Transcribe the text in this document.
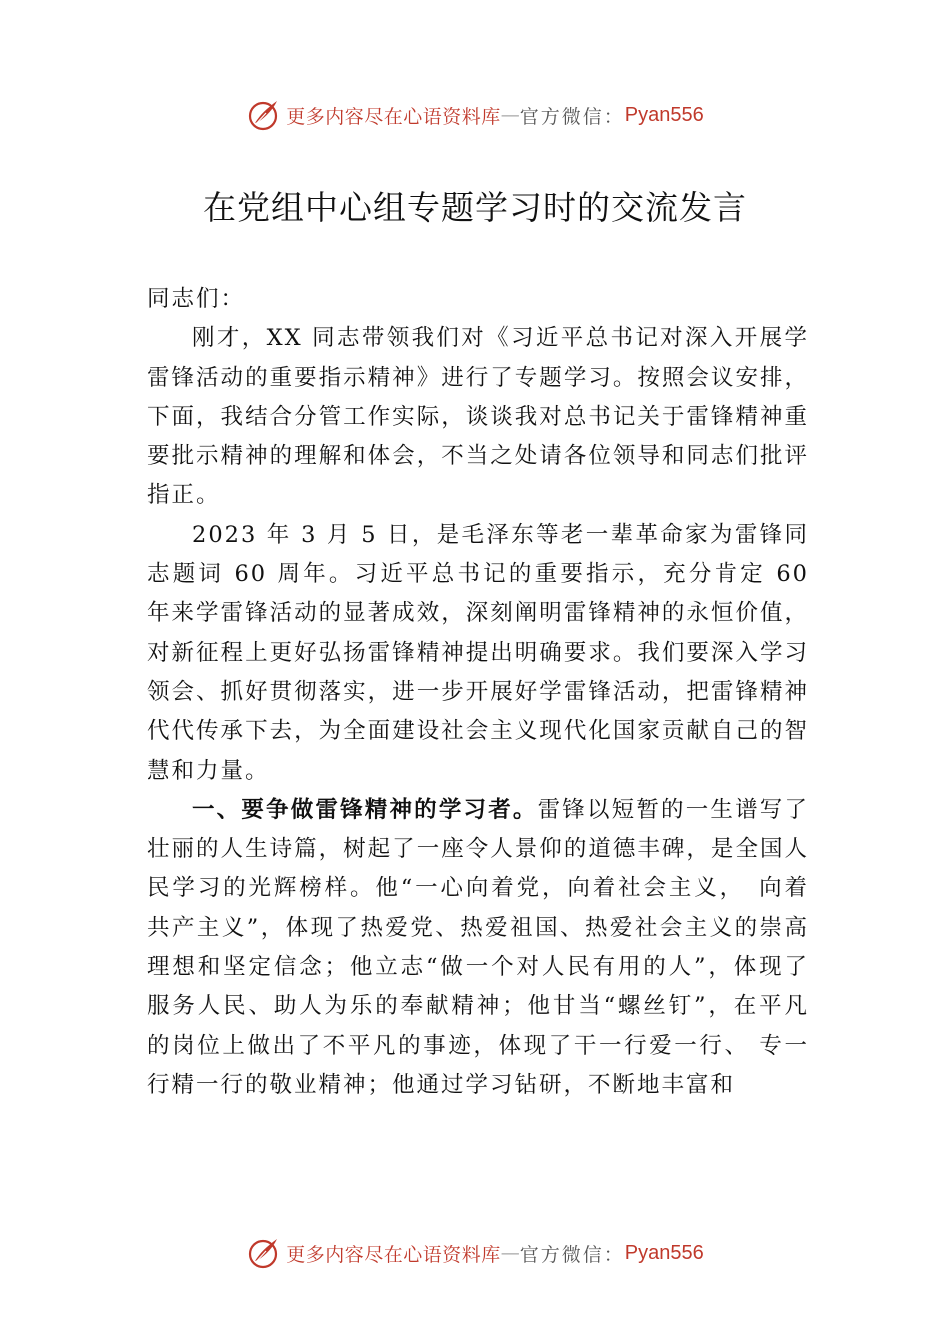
更多内容尽在心语资料库 — 官方微信： Pyan556
在党组中心组专题学习时的交流发言

同志们：

刚才，XX 同志带领我们对《习近平总书记对深入开展学雷锋活动的重要指示精神》进行了专题学习。按照会议安排，下面，我结合分管工作实际，谈谈我对总书记关于雷锋精神重要批示精神的理解和体会，不当之处请各位领导和同志们批评指正。

2023 年 3 月 5 日，是毛泽东等老一辈革命家为雷锋同志题词 60 周年。习近平总书记的重要指示，充分肯定 60 年来学雷锋活动的显著成效，深刻阐明雷锋精神的永恒价值，对新征程上更好弘扬雷锋精神提出明确要求。我们要深入学习领会、抓好贯彻落实，进一步开展好学雷锋活动，把雷锋精神代代传承下去，为全面建设社会主义现代化国家贡献自己的智慧和力量。

一、要争做雷锋精神的学习者。雷锋以短暂的一生谱写了壮丽的人生诗篇，树起了一座令人景仰的道德丰碑，是全国人民学习的光辉榜样。他“一心向着党，向着社会主义，　向着共产主义”，体现了热爱党、热爱祖国、热爱社会主义的崇高理想和坚定信念；他立志“做一个对人民有用的人”，体现了服务人民、助人为乐的奉献精神；他甘当“螺丝钉”，在平凡的岗位上做出了不平凡的事迹，体现了干一行爱一行、 专一行精一行的敬业精神；他通过学习钻研，不断地丰富和

更多内容尽在心语资料库 — 官方微信： Pyan556
